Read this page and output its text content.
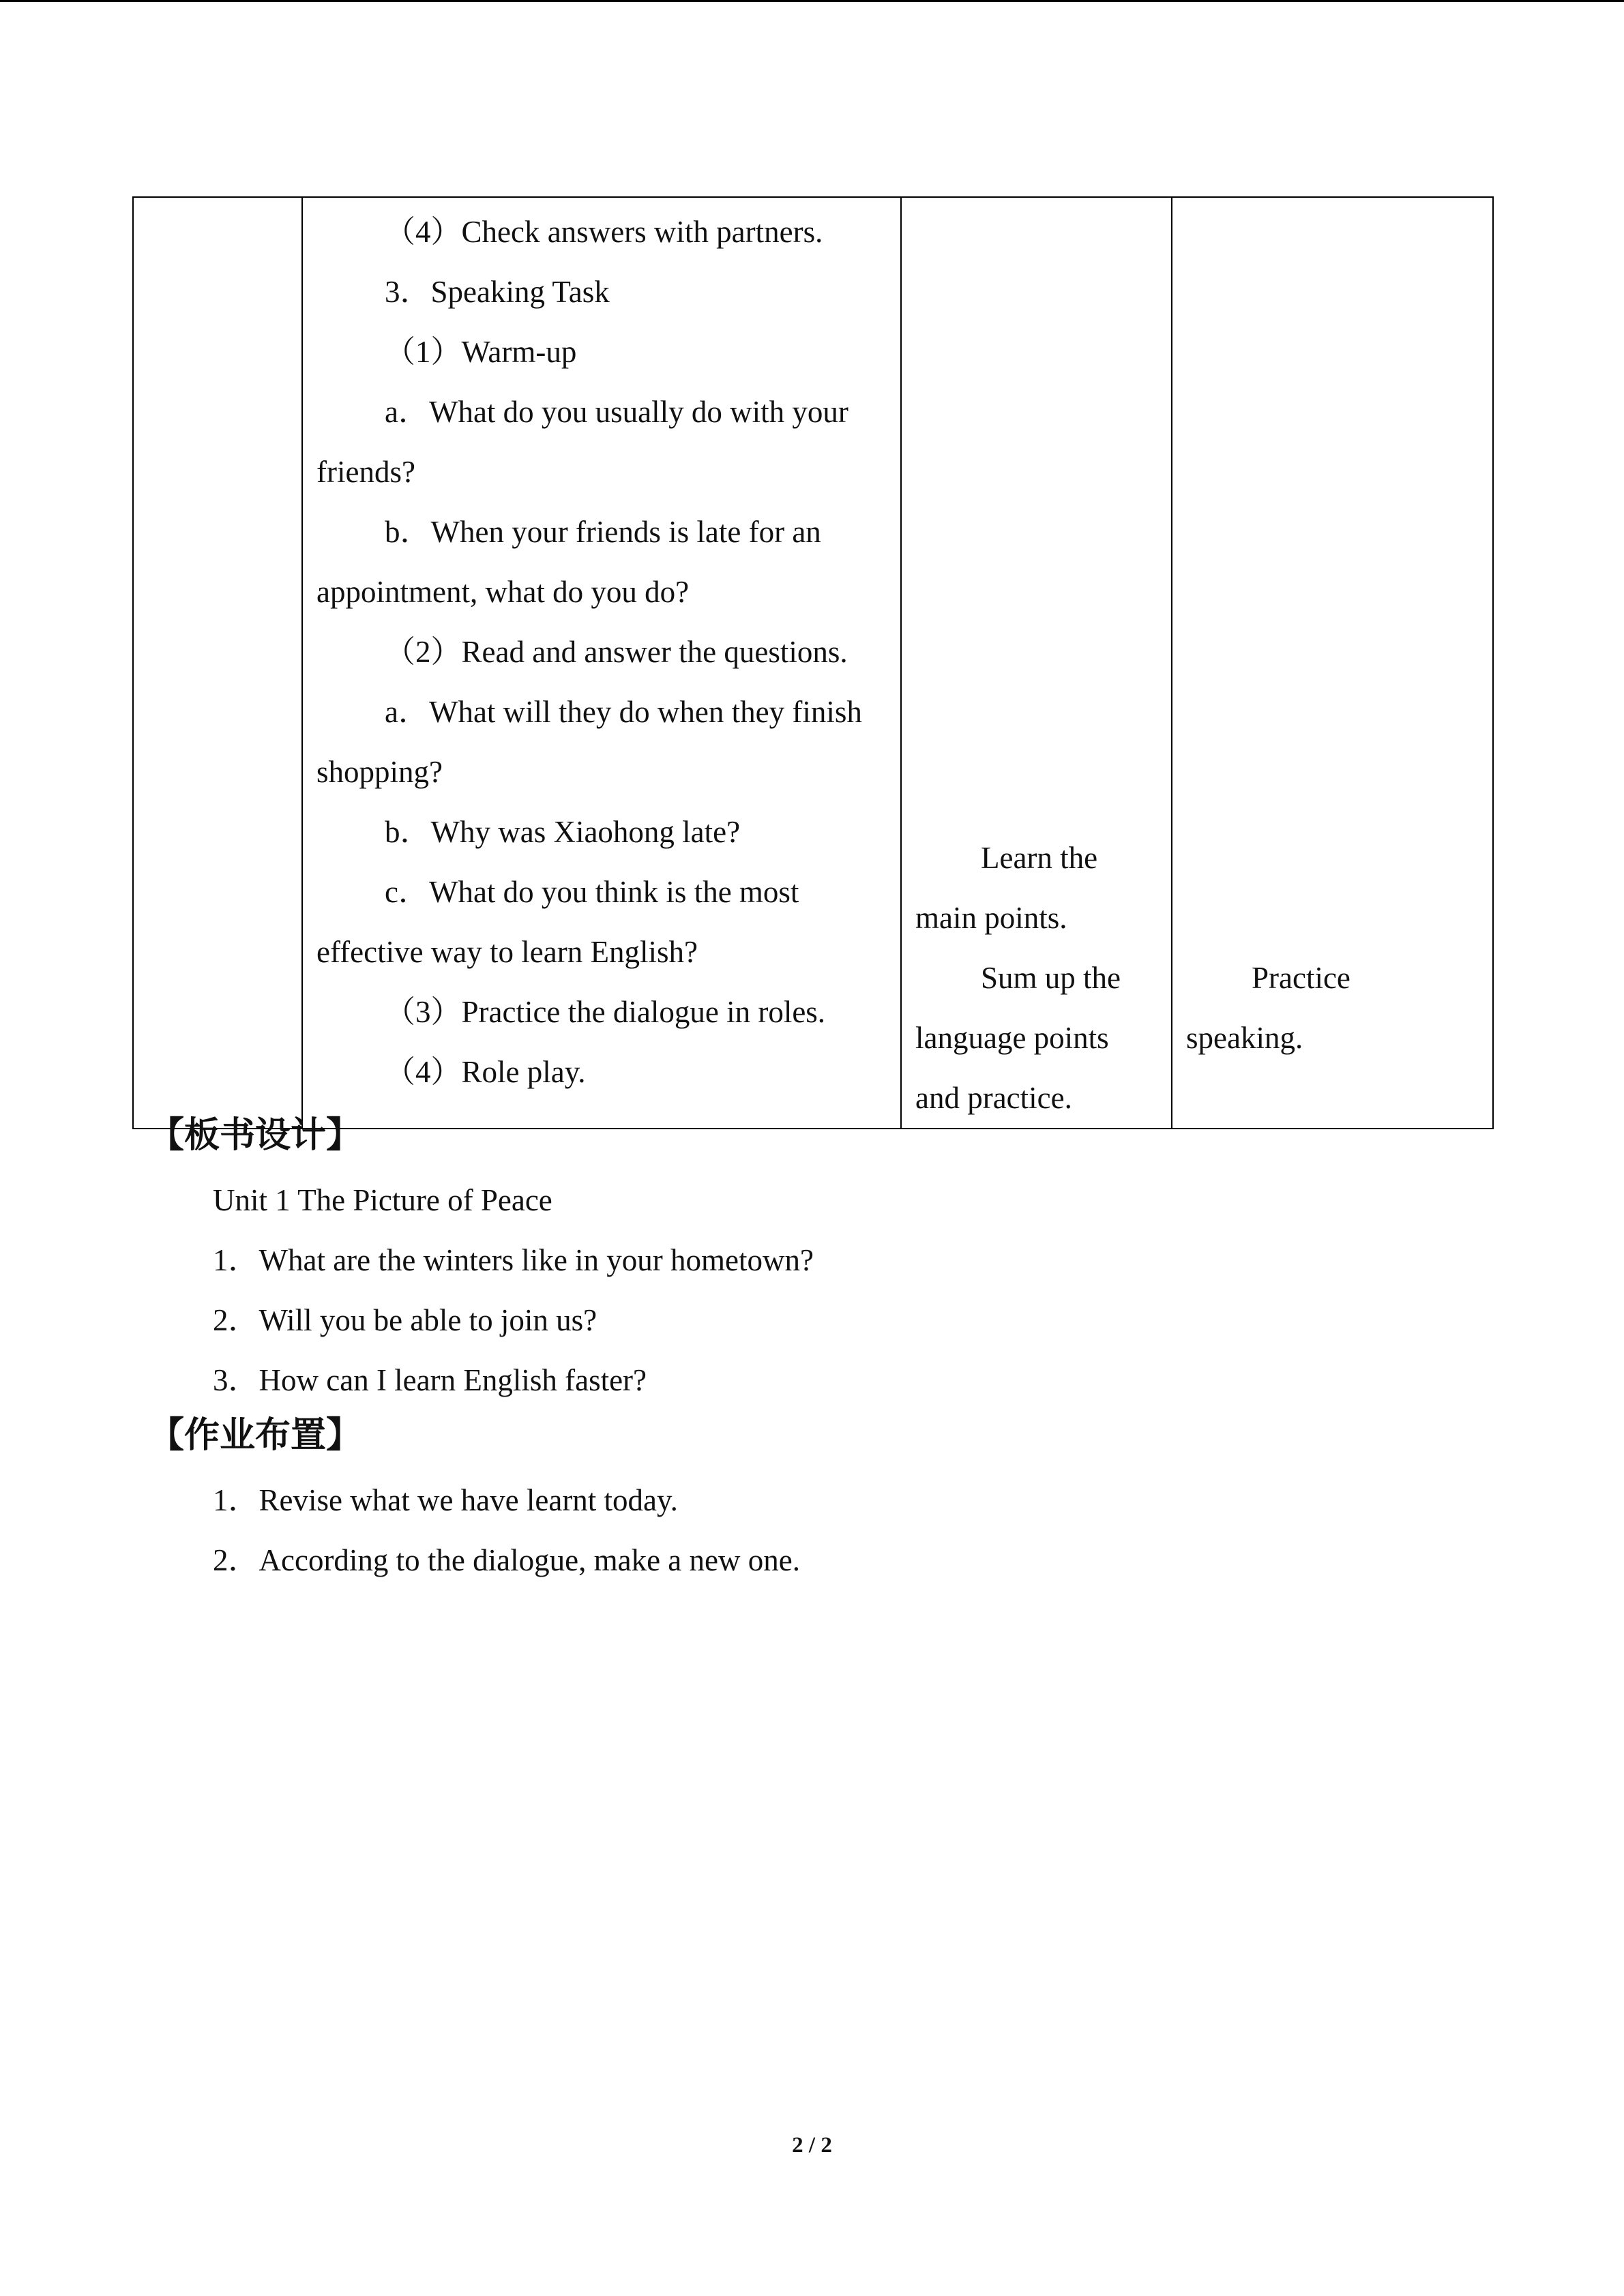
（4）Check answers with partners.
3．Speaking Task
（1）Warm-up
a．What do you usually do with your
friends?
b．When your friends is late for an
appointment, what do you do?
（2）Read and answer the questions.
a．What will they do when they finish
shopping?
b．Why was Xiaohong late?
c．What do you think is the most
effective way to learn English?
（3）Practice the dialogue in roles.
（4）Role play.

Learn the
main points.
Sum up the
language points
and practice.

Practice
speaking.
【板书设计】
Unit 1 The Picture of Peace
1．What are the winters like in your hometown?
2．Will you be able to join us?
3．How can I learn English faster?
【作业布置】
1．Revise what we have learnt today.
2．According to the dialogue, make a new one.
2 / 2
